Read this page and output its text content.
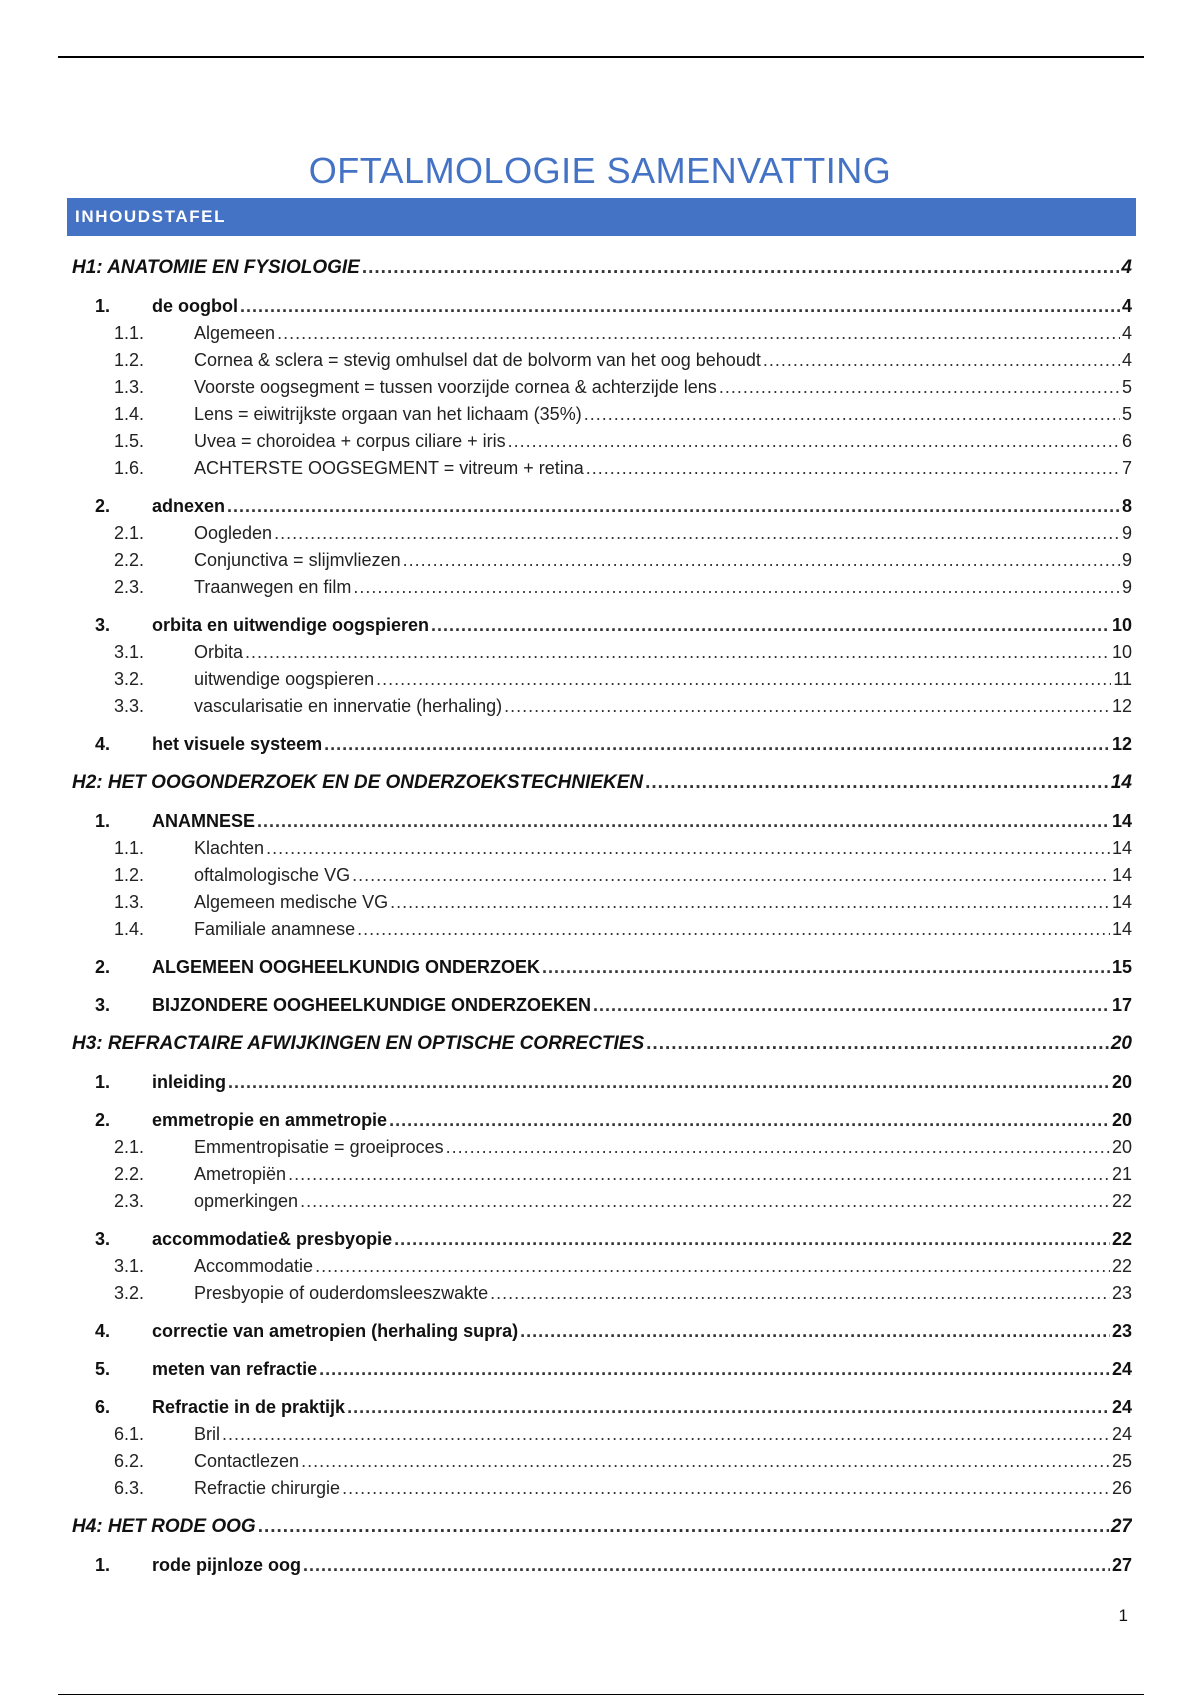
OFTALMOLOGIE SAMENVATTING
INHOUDSTAFEL
H1: ANATOMIE EN FYSIOLOGIE .....	4
1. de oogbol .....	4
1.1.	Algemeen .....	4
1.2.	Cornea & sclera = stevig omhulsel dat de bolvorm van het oog behoudt .....	4
1.3.	Voorste oogsegment = tussen voorzijde cornea & achterzijde lens .....	5
1.4.	Lens = eiwitrijkste orgaan van het lichaam (35%) .....	5
1.5.	Uvea = choroidea + corpus ciliare + iris .....	6
1.6.	ACHTERSTE OOGSEGMENT = vitreum + retina .....	7
2. adnexen .....	8
2.1.	Oogleden .....	9
2.2.	Conjunctiva = slijmvliezen .....	9
2.3.	Traanwegen en film .....	9
3. orbita en uitwendige oogspieren .....	10
3.1.	Orbita .....	10
3.2.	uitwendige oogspieren .....	11
3.3.	vascularisatie en innervatie (herhaling) .....	12
4. het visuele systeem .....	12
H2: HET OOGONDERZOEK EN DE ONDERZOEKSTECHNIEKEN .....	14
1. ANAMNESE .....	14
1.1.	Klachten .....	14
1.2.	oftalmologische VG .....	14
1.3.	Algemeen medische VG .....	14
1.4.	Familiale anamnese .....	14
2. ALGEMEEN OOGHEELKUNDIG ONDERZOEK .....	15
3. BIJZONDERE OOGHEELKUNDIGE ONDERZOEKEN .....	17
H3: REFRACTAIRE AFWIJKINGEN EN OPTISCHE CORRECTIES .....	20
1. inleiding .....	20
2. emmetropie en ammetropie .....	20
2.1.	Emmentropisatie = groeiproces .....	20
2.2.	Ametropiën .....	21
2.3.	opmerkingen .....	22
3. accommodatie& presbyopie .....	22
3.1.	Accommodatie .....	22
3.2.	Presbyopie of ouderdomsleeszwakte .....	23
4. correctie van ametropien (herhaling supra) .....	23
5. meten van refractie .....	24
6. Refractie in de praktijk .....	24
6.1.	Bril .....	24
6.2.	Contactlezen .....	25
6.3.	Refractie chirurgie .....	26
H4: HET RODE OOG .....	27
1. rode pijnloze oog .....	27
1
